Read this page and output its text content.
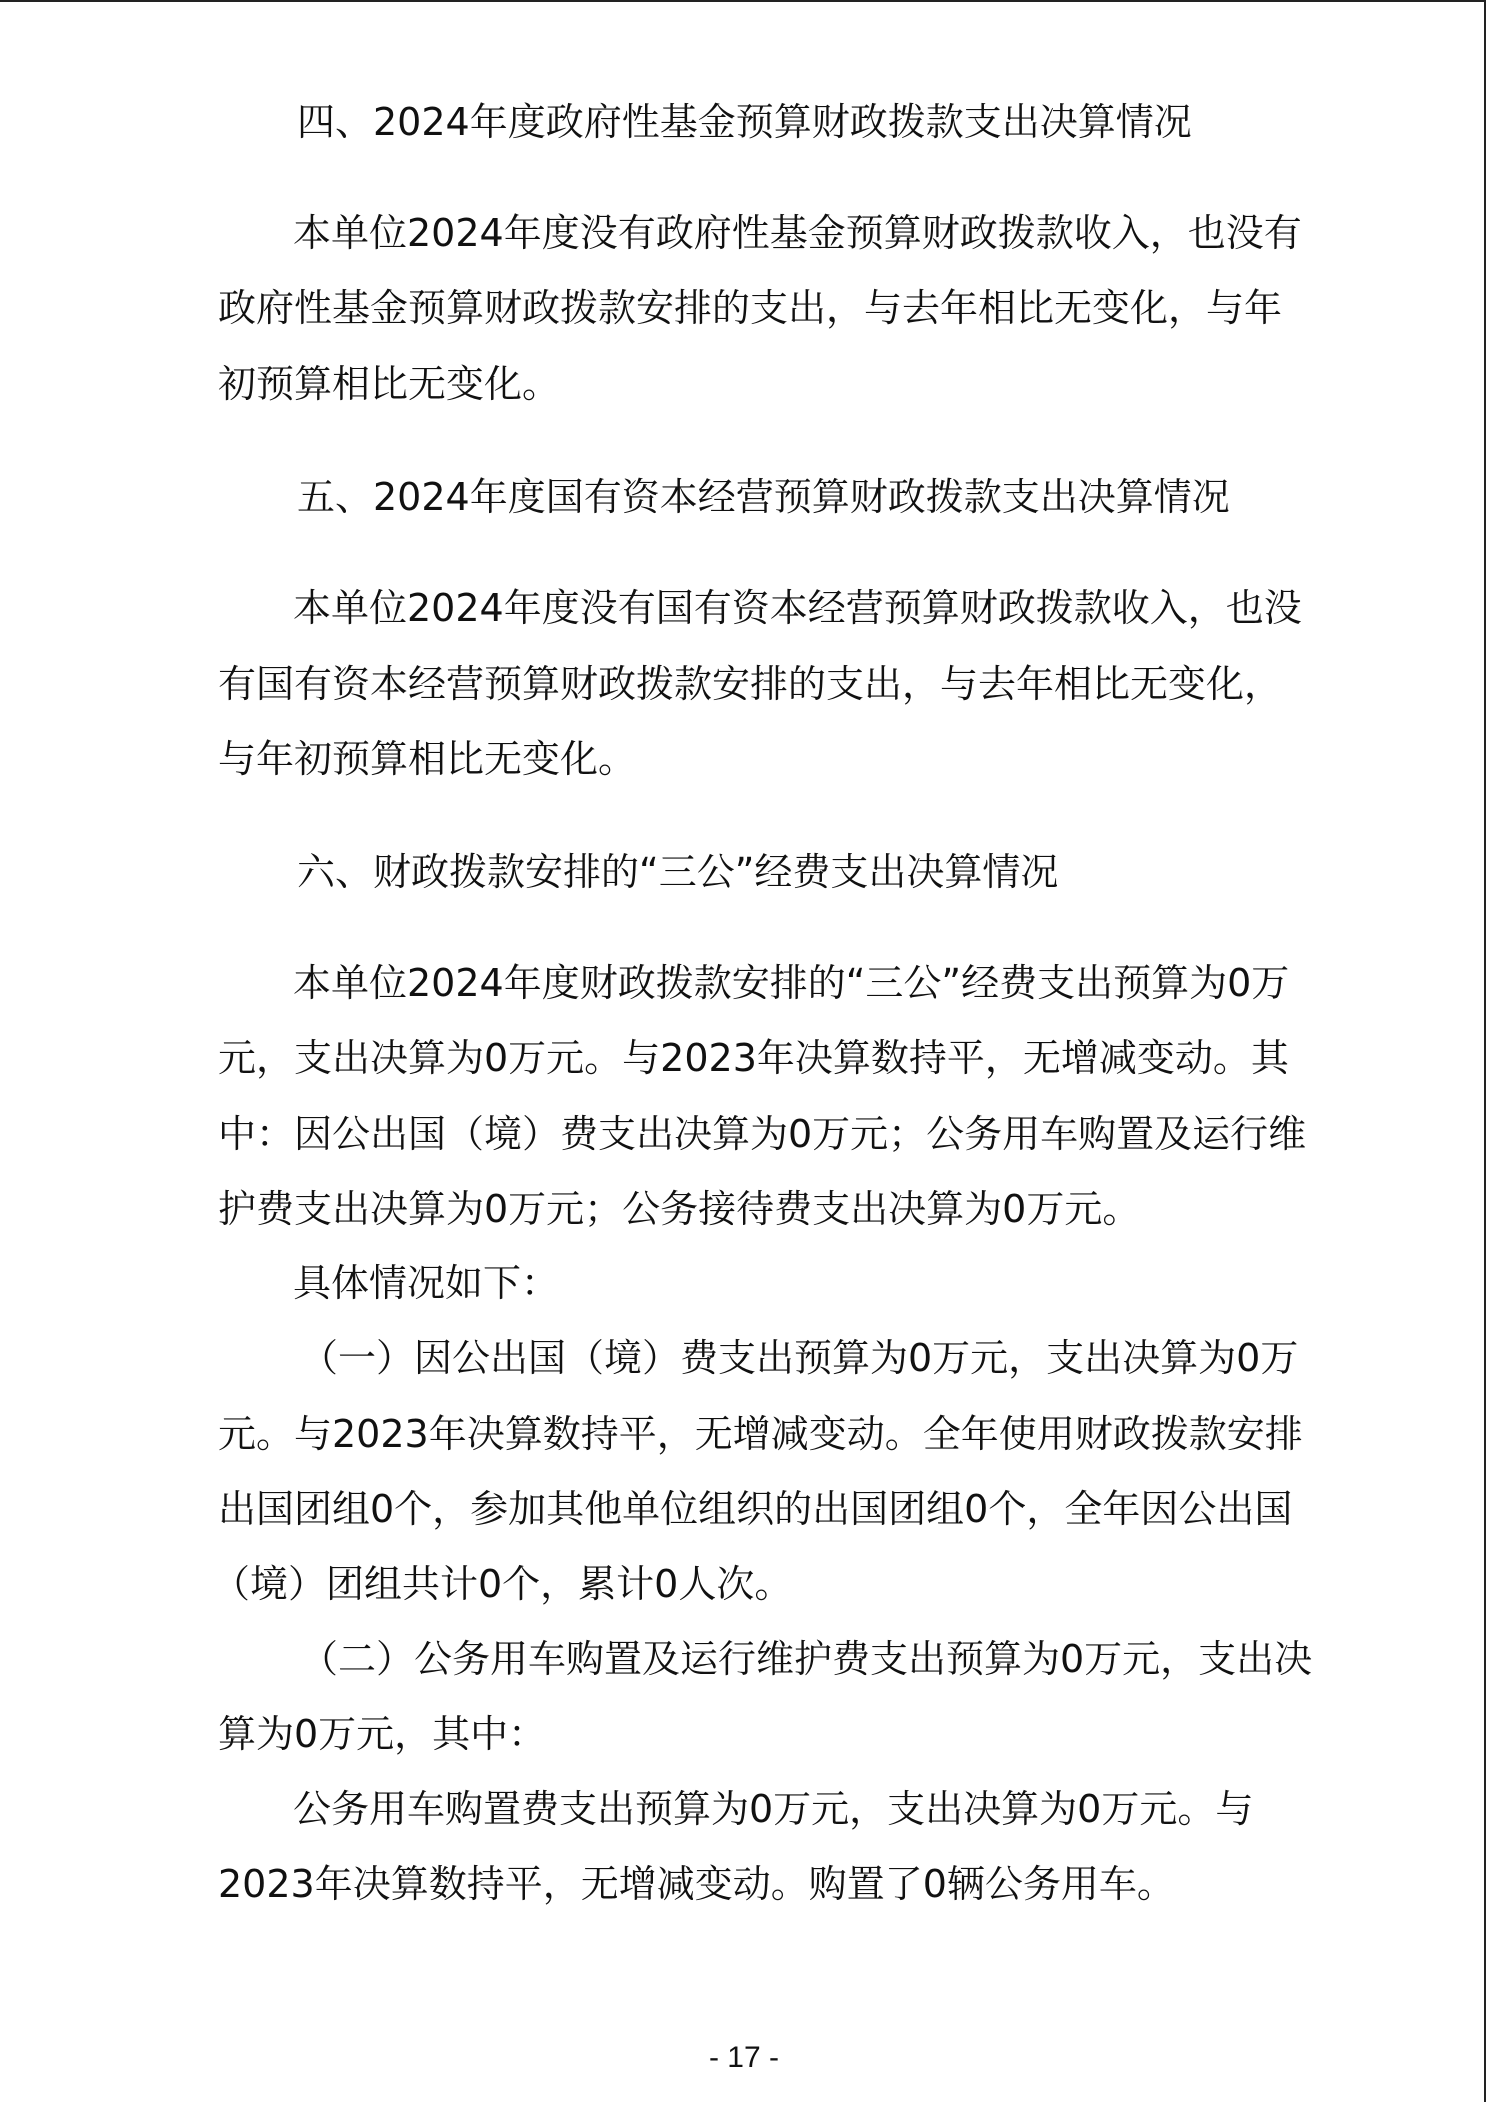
四、2024年度政府性基金预算财政拨款支出决算情况
本单位2024年度没有政府性基金预算财政拨款收入，也没有
政府性基金预算财政拨款安排的支出，与去年相比无变化，与年
初预算相比无变化。
五、2024年度国有资本经营预算财政拨款支出决算情况
本单位2024年度没有国有资本经营预算财政拨款收入，也没
有国有资本经营预算财政拨款安排的支出，与去年相比无变化，
与年初预算相比无变化。
六、财政拨款安排的“三公”经费支出决算情况
本单位2024年度财政拨款安排的“三公”经费支出预算为0万
元，支出决算为0万元。与2023年决算数持平，无增减变动。其
中：因公出国（境）费支出决算为0万元；公务用车购置及运行维
护费支出决算为0万元；公务接待费支出决算为0万元。
具体情况如下：
（一）因公出国（境）费支出预算为0万元，支出决算为0万
元。与2023年决算数持平，无增减变动。全年使用财政拨款安排
出国团组0个，参加其他单位组织的出国团组0个，全年因公出国
（境）团组共计0个，累计0人次。
（二）公务用车购置及运行维护费支出预算为0万元，支出决
算为0万元，其中：
公务用车购置费支出预算为0万元，支出决算为0万元。与
2023年决算数持平，无增减变动。购置了0辆公务用车。
- 17 -
